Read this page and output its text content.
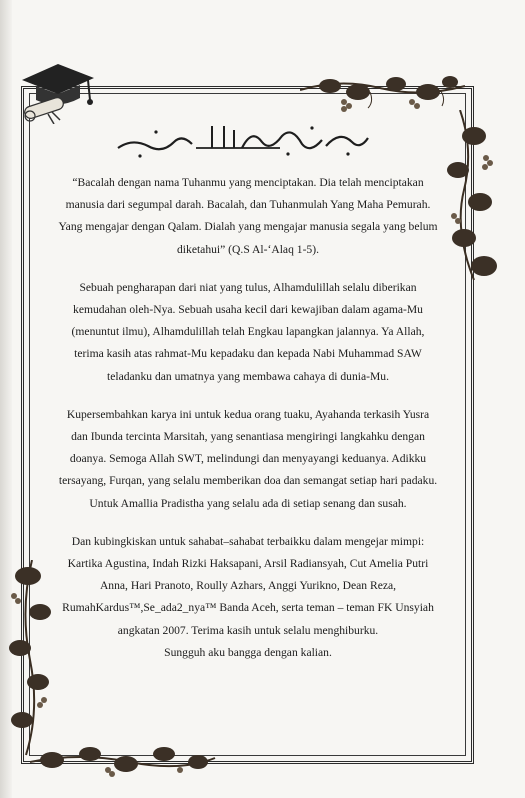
“Bacalah dengan nama Tuhanmu yang menciptakan. Dia telah menciptakan
manusia dari segumpal darah. Bacalah, dan Tuhanmulah Yang Maha Pemurah.
Yang mengajar dengan Qalam. Dialah yang mengajar manusia segala yang belum
diketahui” (Q.S Al-‘Alaq 1-5).
Sebuah pengharapan dari niat yang tulus, Alhamdulillah selalu diberikan
kemudahan oleh-Nya. Sebuah usaha kecil dari kewajiban dalam agama-Mu
(menuntut ilmu), Alhamdulillah telah Engkau lapangkan jalannya. Ya Allah,
terima kasih atas rahmat-Mu kepadaku dan kepada Nabi Muhammad SAW
teladanku dan umatnya yang membawa cahaya di dunia-Mu.
Kupersembahkan karya ini untuk kedua orang tuaku, Ayahanda terkasih Yusra
dan Ibunda tercinta Marsitah, yang senantiasa mengiringi langkahku dengan
doanya. Semoga Allah SWT, melindungi dan menyayangi keduanya. Adikku
tersayang, Furqan, yang selalu memberikan doa dan semangat setiap hari padaku.
Untuk Amallia Pradistha yang selalu ada di setiap senang dan susah.
Dan kubingkiskan untuk sahabat–sahabat terbaikku dalam mengejar mimpi:
Kartika Agustina, Indah Rizki Haksapani, Arsil Radiansyah, Cut Amelia Putri
Anna, Hari Pranoto, Roully Azhars, Anggi Yurikno, Dean Reza,
RumahKardus™,Se_ada2_nya™ Banda Aceh, serta teman – teman FK Unsyiah
angkatan 2007. Terima kasih untuk selalu menghiburku.
Sungguh aku bangga dengan kalian.
